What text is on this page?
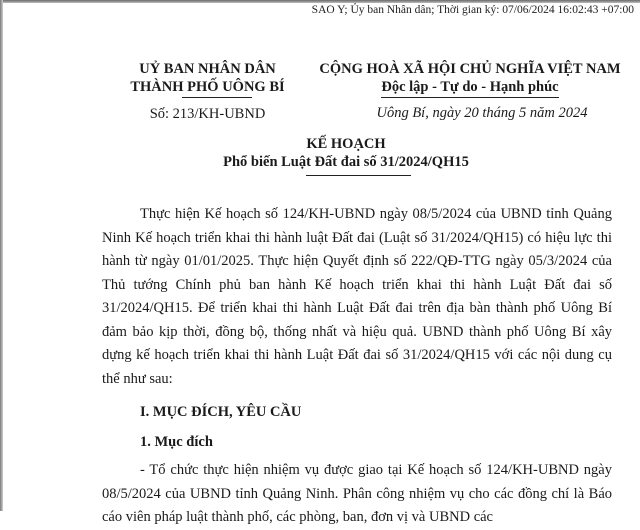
SAO Y; Ủy ban Nhân dân; Thời gian ký: 07/06/2024 16:02:43 +07:00
UỶ BAN NHÂN DÂN
THÀNH PHỐ UÔNG BÍ
Số: 213/KH-UBND
CỘNG HOÀ XÃ HỘI CHỦ NGHĨA VIỆT NAM
Độc lập - Tự do - Hạnh phúc
Uông Bí, ngày 20 tháng 5 năm 2024
KẾ HOẠCH
Phổ biến Luật Đất đai số 31/2024/QH15

Thực hiện Kế hoạch số 124/KH-UBND ngày 08/5/2024 của UBND tỉnh Quảng Ninh Kế hoạch triển khai thi hành luật Đất đai (Luật số 31/2024/QH15) có hiệu lực thi hành từ ngày 01/01/2025. Thực hiện Quyết định số 222/QĐ-TTG ngày 05/3/2024 của Thủ tướng Chính phủ ban hành Kế hoạch triển khai thi hành Luật Đất đai số 31/2024/QH15. Để triển khai thi hành Luật Đất đai trên địa bàn thành phố Uông Bí đảm bảo kịp thời, đồng bộ, thống nhất và hiệu quả. UBND thành phố Uông Bí xây dựng kế hoạch triển khai thi hành Luật Đất đai số 31/2024/QH15 với các nội dung cụ thể như sau:

I. MỤC ĐÍCH, YÊU CẦU
1. Mục đích

- Tổ chức thực hiện nhiệm vụ được giao tại Kế hoạch số 124/KH-UBND ngày 08/5/2024 của UBND tỉnh Quảng Ninh. Phân công nhiệm vụ cho các đồng chí là Báo cáo viên pháp luật thành phố, các phòng, ban, đơn vị và UBND các
